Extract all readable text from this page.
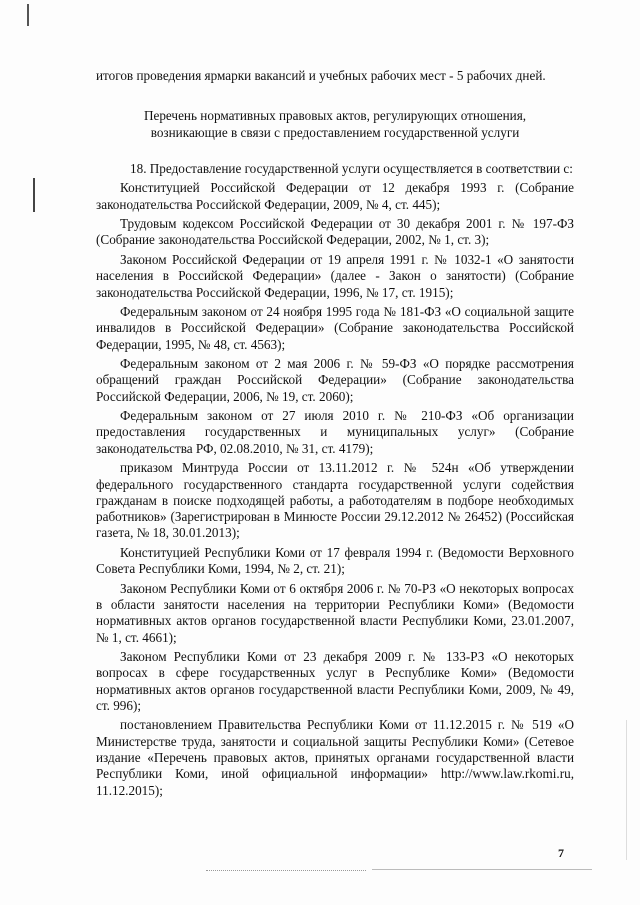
итогов проведения ярмарки вакансий и учебных рабочих мест - 5 рабочих дней.

Перечень нормативных правовых актов, регулирующих отношения,
возникающие в связи с предоставлением государственной услуги

18. Предоставление государственной услуги осуществляется в соответствии с:

Конституцией Российской Федерации от 12 декабря 1993 г. (Собрание законодательства Российской Федерации, 2009, № 4, ст. 445);

Трудовым кодексом Российской Федерации от 30 декабря 2001 г. № 197-ФЗ (Собрание законодательства Российской Федерации, 2002, № 1, ст. 3);

Законом Российской Федерации от 19 апреля 1991 г. № 1032-1 «О занятости населения в Российской Федерации» (далее - Закон о занятости) (Собрание законодательства Российской Федерации, 1996, № 17, ст. 1915);

Федеральным законом от 24 ноября 1995 года № 181-ФЗ «О социальной защите инвалидов в Российской Федерации» (Собрание законодательства Российской Федерации, 1995, № 48, ст. 4563);

Федеральным законом от 2 мая 2006 г. № 59-ФЗ «О порядке рассмотрения обращений граждан Российской Федерации» (Собрание законодательства Российской Федерации, 2006, № 19, ст. 2060);

Федеральным законом от 27 июля 2010 г. № 210-ФЗ «Об организации предоставления государственных и муниципальных услуг» (Собрание законодательства РФ, 02.08.2010, № 31, ст. 4179);

приказом Минтруда России от 13.11.2012 г. № 524н «Об утверждении федерального государственного стандарта государственной услуги содействия гражданам в поиске подходящей работы, а работодателям в подборе необходимых работников» (Зарегистрирован в Минюсте России 29.12.2012 № 26452) (Российская газета, № 18, 30.01.2013);

Конституцией Республики Коми от 17 февраля 1994 г. (Ведомости Верховного Совета Республики Коми, 1994, № 2, ст. 21);

Законом Республики Коми от 6 октября 2006 г. № 70-РЗ «О некоторых вопросах в области занятости населения на территории Республики Коми» (Ведомости нормативных актов органов государственной власти Республики Коми, 23.01.2007, № 1, ст. 4661);

Законом Республики Коми от 23 декабря 2009 г. № 133-РЗ «О некоторых вопросах в сфере государственных услуг в Республике Коми» (Ведомости нормативных актов органов государственной власти Республики Коми, 2009, № 49, ст. 996);

постановлением Правительства Республики Коми от 11.12.2015 г. № 519 «О Министерстве труда, занятости и социальной защиты Республики Коми» (Сетевое издание «Перечень правовых актов, принятых органами государственной власти Республики Коми, иной официальной информации» http://www.law.rkomi.ru, 11.12.2015);

7
